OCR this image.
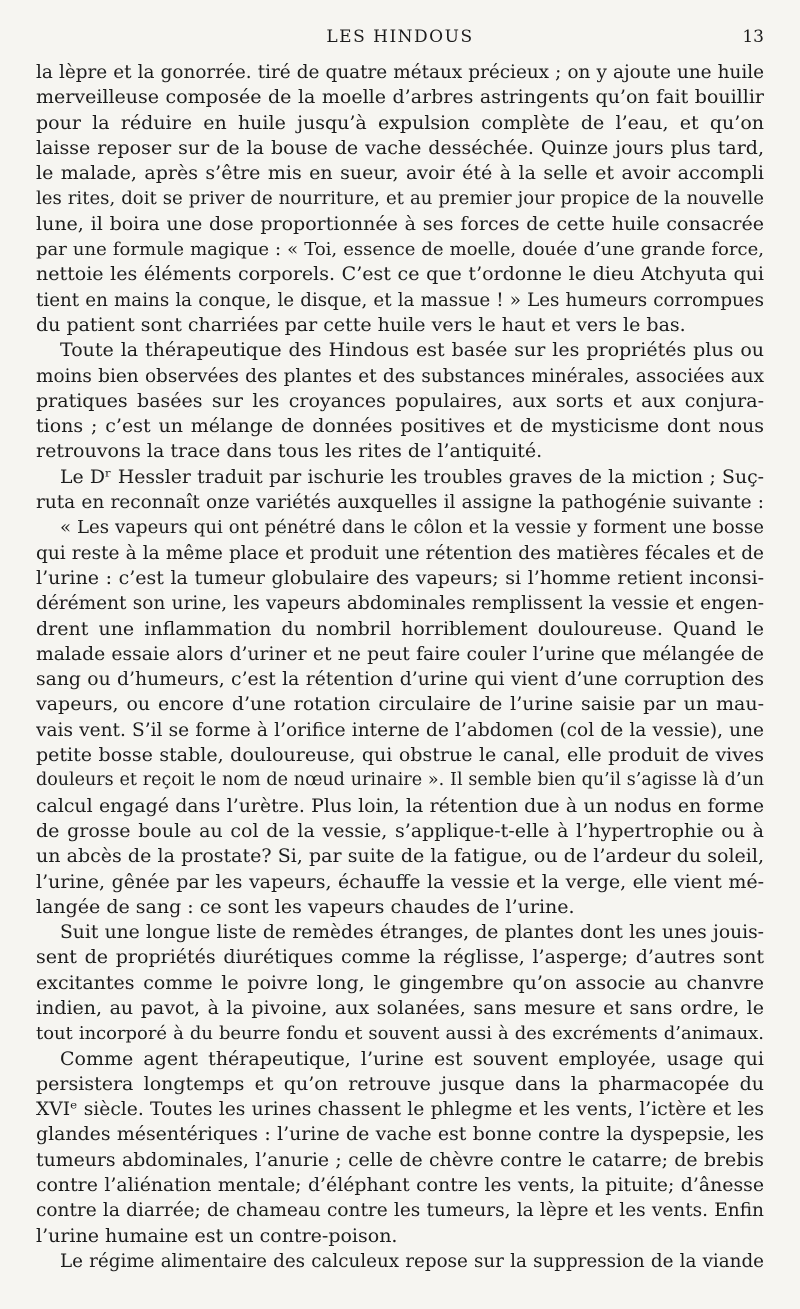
LES HINDOUS	13
la lèpre et la gonorrée. tiré de quatre métaux précieux ; on y ajoute une huile
merveilleuse composée de la moelle d’arbres astringents qu’on fait bouillir
pour la réduire en huile jusqu’à expulsion complète de l’eau, et qu’on
laisse reposer sur de la bouse de vache desséchée. Quinze jours plus tard,
le malade, après s’être mis en sueur, avoir été à la selle et avoir accompli
les rites, doit se priver de nourriture, et au premier jour propice de la nouvelle
lune, il boira une dose proportionnée à ses forces de cette huile consacrée
par une formule magique : « Toi, essence de moelle, douée d’une grande force,
nettoie les éléments corporels. C’est ce que t’ordonne le dieu Atchyuta qui
tient en mains la conque, le disque, et la massue ! » Les humeurs corrompues
du patient sont charriées par cette huile vers le haut et vers le bas.
Toute la thérapeutique des Hindous est basée sur les propriétés plus ou
moins bien observées des plantes et des substances minérales, associées aux
pratiques basées sur les croyances populaires, aux sorts et aux conjura-
tions ; c’est un mélange de données positives et de mysticisme dont nous
retrouvons la trace dans tous les rites de l’antiquité.
Le Dʳ Hessler traduit par ischurie les troubles graves de la miction ; Suç-
ruta en reconnaît onze variétés auxquelles il assigne la pathogénie suivante :
« Les vapeurs qui ont pénétré dans le côlon et la vessie y forment une bosse
qui reste à la même place et produit une rétention des matières fécales et de
l’urine : c’est la tumeur globulaire des vapeurs; si l’homme retient inconsi-
dérément son urine, les vapeurs abdominales remplissent la vessie et engen-
drent une inflammation du nombril horriblement douloureuse. Quand le
malade essaie alors d’uriner et ne peut faire couler l’urine que mélangée de
sang ou d’humeurs, c’est la rétention d’urine qui vient d’une corruption des
vapeurs, ou encore d’une rotation circulaire de l’urine saisie par un mau-
vais vent. S’il se forme à l’orifice interne de l’abdomen (col de la vessie), une
petite bosse stable, douloureuse, qui obstrue le canal, elle produit de vives
douleurs et reçoit le nom de nœud urinaire ». Il semble bien qu’il s’agisse là d’un
calcul engagé dans l’urètre. Plus loin, la rétention due à un nodus en forme
de grosse boule au col de la vessie, s’applique-t-elle à l’hypertrophie ou à
un abcès de la prostate? Si, par suite de la fatigue, ou de l’ardeur du soleil,
l’urine, gênée par les vapeurs, échauffe la vessie et la verge, elle vient mé-
langée de sang : ce sont les vapeurs chaudes de l’urine.
Suit une longue liste de remèdes étranges, de plantes dont les unes jouis-
sent de propriétés diurétiques comme la réglisse, l’asperge; d’autres sont
excitantes comme le poivre long, le gingembre qu’on associe au chanvre
indien, au pavot, à la pivoine, aux solanées, sans mesure et sans ordre, le
tout incorporé à du beurre fondu et souvent aussi à des excréments d’animaux.
Comme agent thérapeutique, l’urine est souvent employée, usage qui
persistera longtemps et qu’on retrouve jusque dans la pharmacopée du
XVIᵉ siècle. Toutes les urines chassent le phlegme et les vents, l’ictère et les
glandes mésentériques : l’urine de vache est bonne contre la dyspepsie, les
tumeurs abdominales, l’anurie ; celle de chèvre contre le catarre; de brebis
contre l’aliénation mentale; d’éléphant contre les vents, la pituite; d’ânesse
contre la diarrée; de chameau contre les tumeurs, la lèpre et les vents. Enfin
l’urine humaine est un contre-poison.
Le régime alimentaire des calculeux repose sur la suppression de la viande
